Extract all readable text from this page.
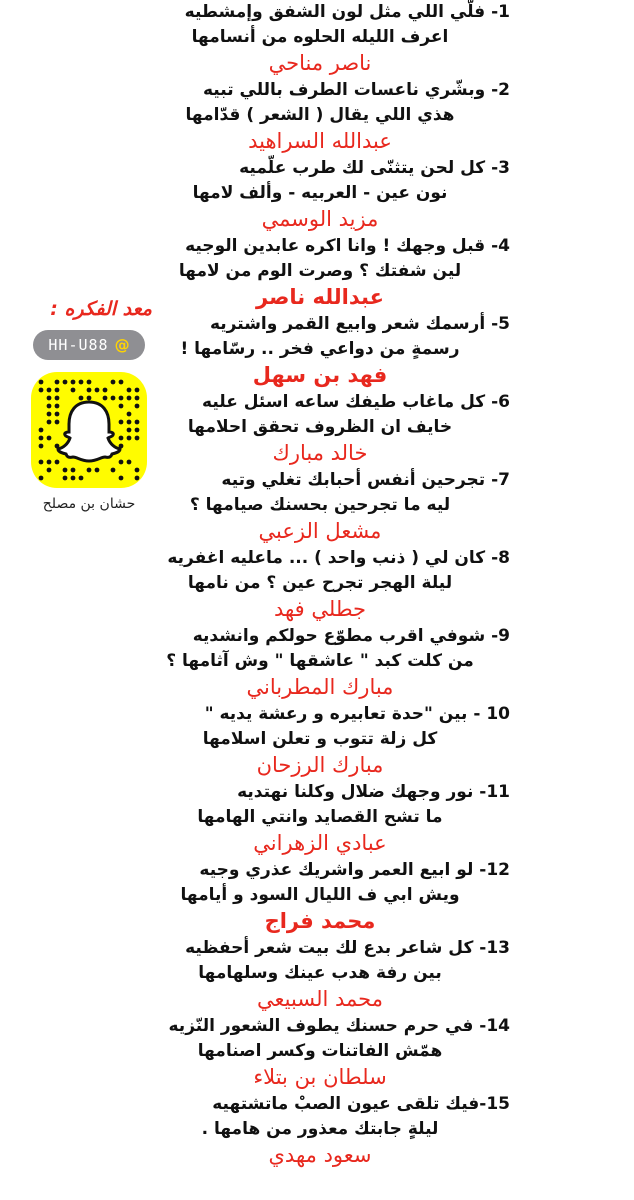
1- فلّي اللي مثل لون الشفق وإمشطيه
اعرف الليله الحلوه من أنسامها
ناصر مناحي
2- وبشّري ناعسات الطرف باللي تبيه
هذي اللي يقال ( الشعر ) قدّامها
عبدالله السراهيد
3- كل لحن يتثنّى لك طرب علّميه
نون عين - العربيه - وألف لامها
مزيد الوسمي
4- قبل وجهك ! وانا اكره عابدين الوجيه
لين شفتك ؟ وصرت الوم من لامها
عبدالله ناصر
5- أرسمك شعر وابيع القمر واشتريه
رسمةٍ من دواعي فخر .. رسّامها !
فهد بن سهل
6- كل ماغاب طيفك ساعه اسئل عليه
خايف ان الظروف تحقق احلامها
خالد مبارك
7- تجرحين أنفس أحبابك تغلي وتيه
ليه ما تجرحين بحسنك صيامها ؟
مشعل الزعبي
8- كان لي ( ذنب واحد ) ... ماعليه اغفريه
ليلة الهجر تجرح عين ؟ من نامها
جطلي فهد
9- شوفي اقرب مطوّع حولكم وانشديه
من كلت كبد " عاشقها " وش آثامها ؟
مبارك المطرباني
10 - بين "حدة تعابيره و رعشة يديه "
كل زلة تتوب و تعلن اسلامها
مبارك الرزحان
11- نور وجهك ضلال وكلنا نهتديه
ما تشح القصايد وانتي الهامها
عبادي الزهراني
12- لو ابيع العمر واشريك عذري وجيه
ويش ابي ف الليال السود و أيامها
محمد فراج
13- كل شاعر بدع لك بيت شعر أحفظيه
بين رفة هدب عينك وسلهامها
محمد السبيعي
14- في حرم حسنك يطوف الشعور النّزيه
همّش الفاتنات وكسر اصنامها
سلطان بن بتلاء
15-فيك تلقى عيون الصبْ ماتشتهيه
ليلةٍ جابتك معذور من هامها .
سعود مهدي
معد الفكره :
HH-U88 @
حشان بن مصلح
